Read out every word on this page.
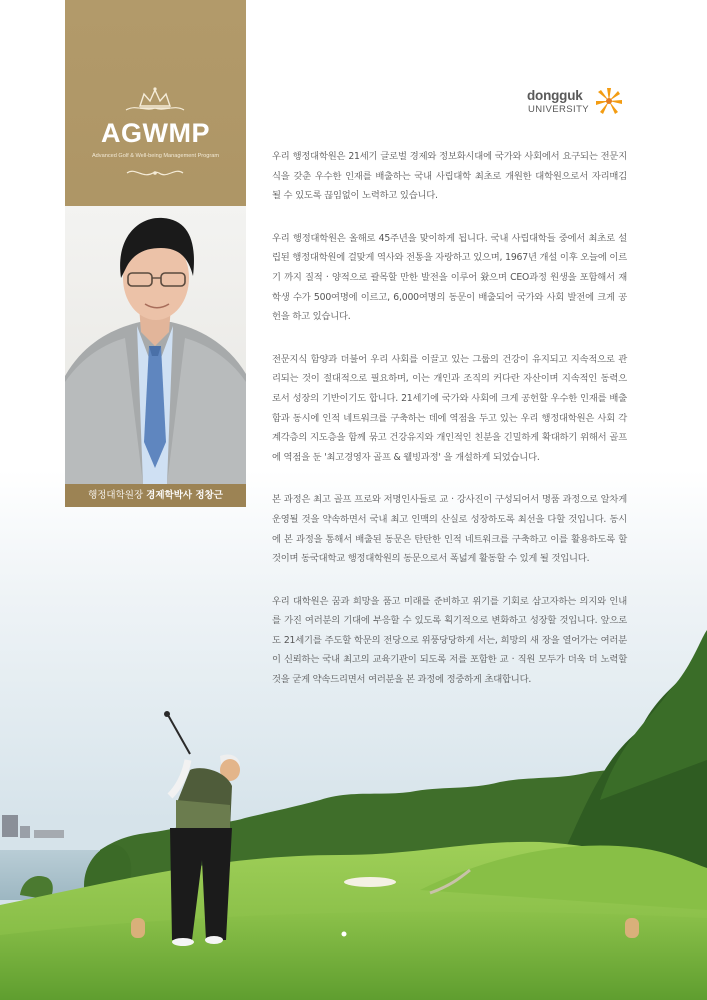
AGWMP
Advanced Golf & Well-being Management Program
행정대학원장 경제학박사 정창근
dongguk
UNIVERSITY

우리 행정대학원은 21세기 글로벌 경제와 정보화시대에 국가와 사회에서 요구되는 전문지식을 갖춘 우수한 인재를 배출하는 국내 사립대학 최초로 개원한 대학원으로서 자리매김 될 수 있도록 끊임없이 노력하고 있습니다.

우리 행정대학원은 올해로 45주년을 맞이하게 됩니다. 국내 사립대학들 중에서 최초로 설립된 행정대학원에 걸맞게 역사와 전통을 자랑하고 있으며, 1967년 개설 이후 오늘에 이르기 까지 질적 · 양적으로 괄목할 만한 발전을 이루어 왔으며 CEO과정 원생을 포함해서 재학생 수가 500여명에 이르고, 6,000여명의 동문이 배출되어 국가와 사회 발전에 크게 공헌을 하고 있습니다.

전문지식 함양과 더불어 우리 사회를 이끌고 있는 그룹의 건강이 유지되고 지속적으로 관리되는 것이 절대적으로 필요하며, 이는 개인과 조직의 커다란 자산이며 지속적인 동력으로서 성장의 기반이기도 합니다. 21세기에 국가와 사회에 크게 공헌할 우수한 인재를 배출함과 동시에 인적 네트워크를 구축하는 데에 역점을 두고 있는 우리 행정대학원은 사회 각계각층의 지도층을 함께 묶고 건강유지와 개인적인 친분을 긴밀하게 확대하기 위해서 골프에 역점을 둔 '최고경영자 골프 & 웰빙과정' 을 개설하게 되었습니다.

본 과정은 최고 골프 프로와 저명인사들로 교 · 강사진이 구성되어서 명품 과정으로 알차게 운영될 것을 약속하면서 국내 최고 인맥의 산실로 성장하도록 최선을 다할 것입니다. 동시에 본 과정을 통해서 배출된 동문은 탄탄한 인적 네트워크를 구축하고 이를 활용하도록 할 것이며 동국대학교 행정대학원의 동문으로서 폭넓게 활동할 수 있게 될 것입니다.

우리 대학원은 꿈과 희망을 품고 미래를 준비하고 위기를 기회로 삼고자하는 의지와 인내를 가진 여러분의 기대에 부응할 수 있도록 획기적으로 변화하고 성장할 것입니다. 앞으로도 21세기를 주도할 학문의 전당으로 위풍당당하게 서는, 희망의 새 장을 열어가는 여러분이 신뢰하는 국내 최고의 교육기관이 되도록 저를 포함한 교 · 직원 모두가 더욱 더 노력할 것을 굳게 약속드리면서 여러분을 본 과정에 정중하게 초대합니다.
